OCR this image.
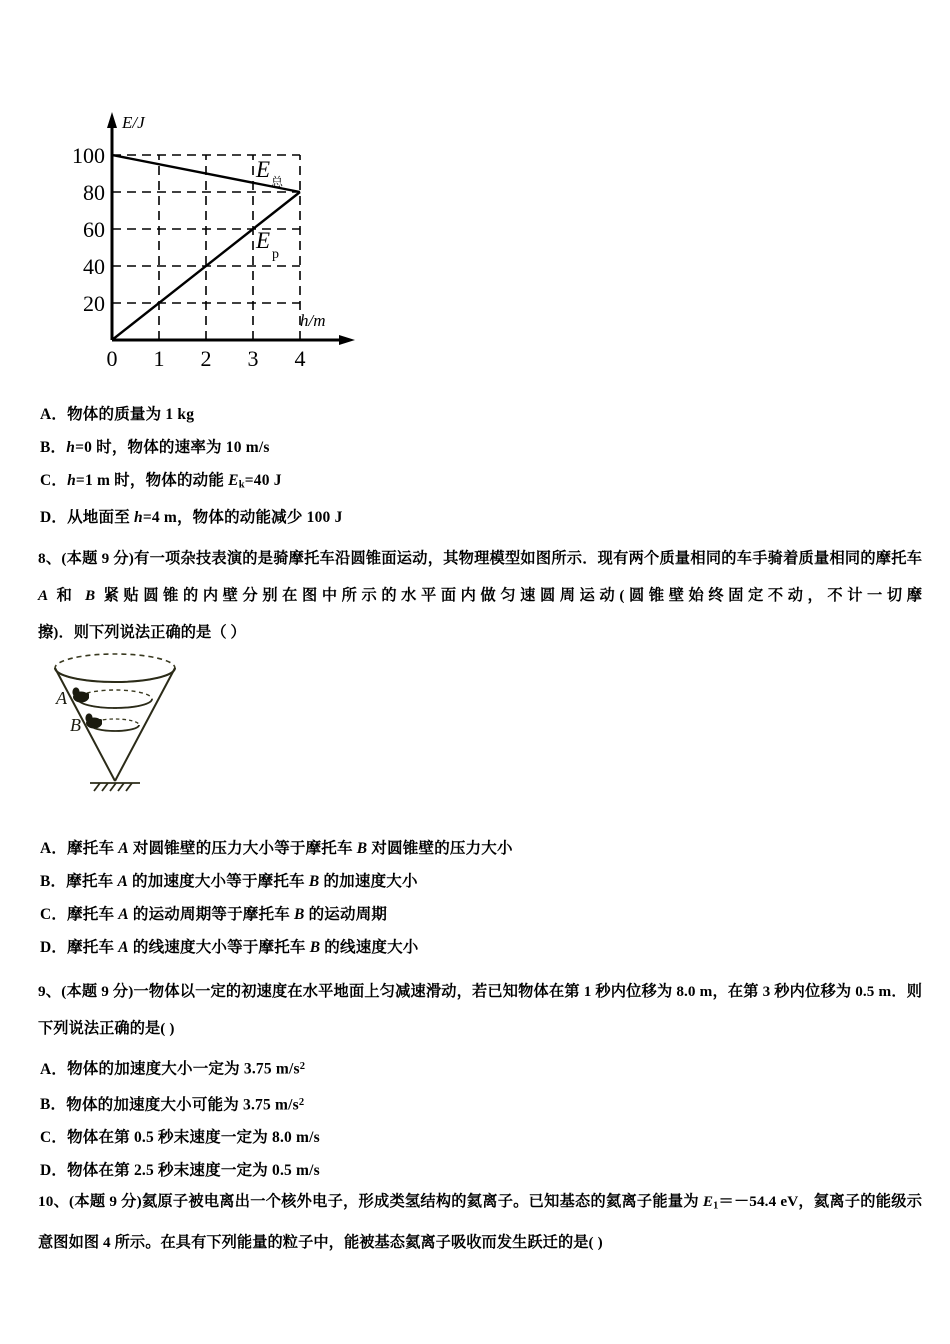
100
80
60
40
20
0 1 2 3 4
E/J
h/m
E 总
E
p
A．物体的质量为 1 kg
B．h=0 时，物体的速率为 10 m/s
C．h=1 m 时，物体的动能 $E_k=40$ J
D．从地面至 h=4 m，物体的动能减少 100 J
8、(本题 9 分)有一项杂技表演的是骑摩托车沿圆锥面运动，其物理模型如图所示．现有两个质量相同的车手骑着质量相同的摩托车 A 和 B 紧贴圆锥的内壁分别在图中所示的水平面内做匀速圆周运动(圆锥壁始终固定不动，不计一切摩擦)．则下列说法正确的是（ ）
A
B
A．摩托车 A 对圆锥壁的压力大小等于摩托车 B 对圆锥壁的压力大小
B．摩托车 A 的加速度大小等于摩托车 B 的加速度大小
C．摩托车 A 的运动周期等于摩托车 B 的运动周期
D．摩托车 A 的线速度大小等于摩托车 B 的线速度大小
9、(本题 9 分)一物体以一定的初速度在水平地面上匀减速滑动，若已知物体在第 1 秒内位移为 8.0 m，在第 3 秒内位移为 0.5 m．则下列说法正确的是( )
A．物体的加速度大小一定为 3.75 $m/s^2$
B．物体的加速度大小可能为 3.75 $m/s^2$
C．物体在第 0.5 秒末速度一定为 8.0 m/s
D．物体在第 2.5 秒末速度一定为 0.5 m/s
10、(本题 9 分)氦原子被电离出一个核外电子，形成类氢结构的氦离子。已知基态的氦离子能量为 $E_1=-54.4$ eV，氦离子的能级示意图如图 4 所示。在具有下列能量的粒子中，能被基态氦离子吸收而发生跃迁的是( )
